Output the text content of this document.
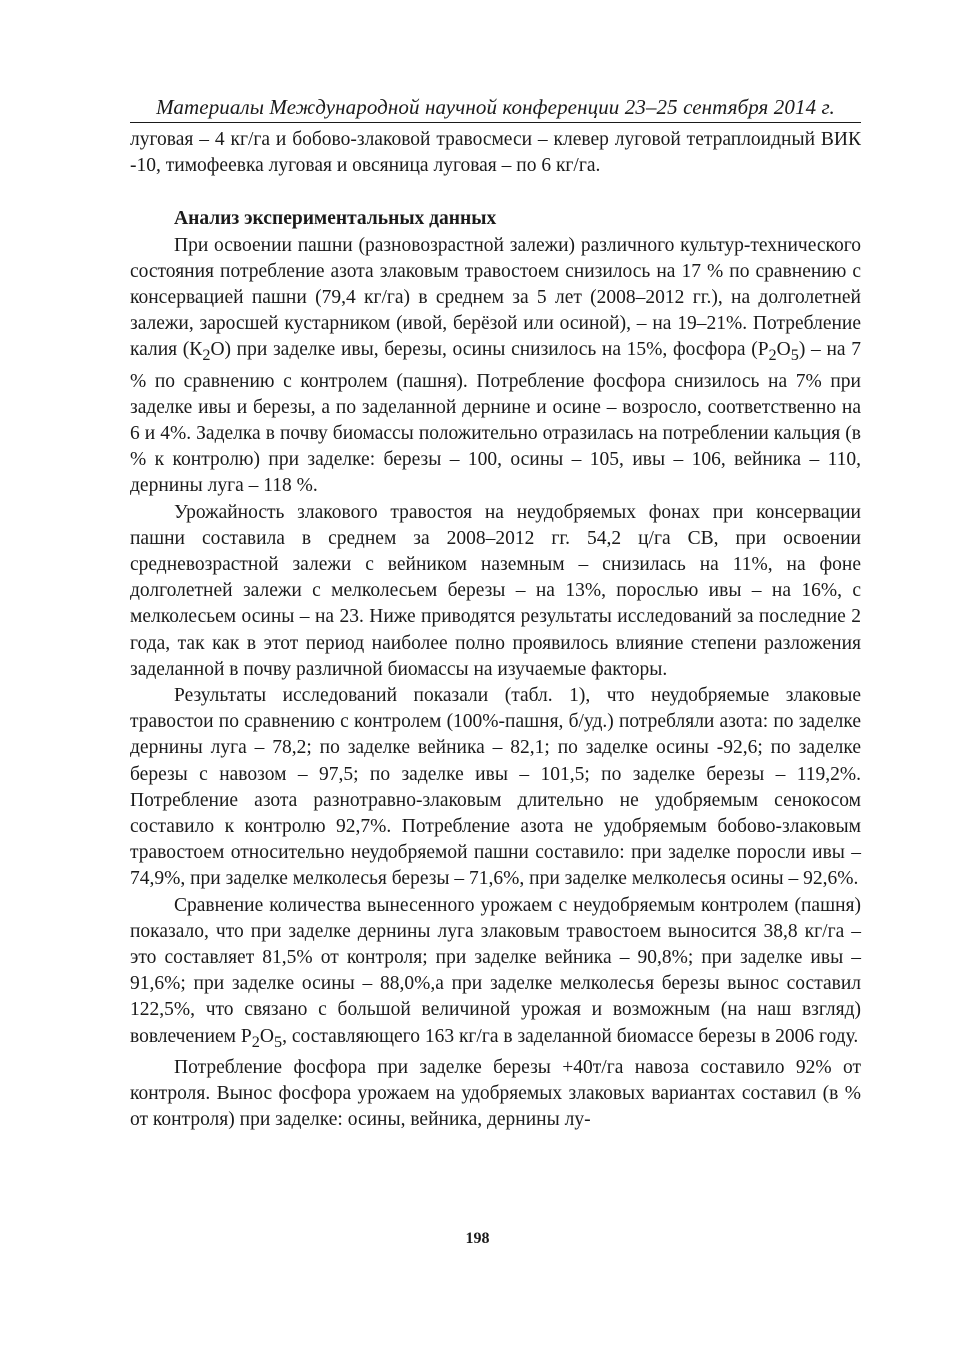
Материалы Международной научной конференции 23–25 сентября 2014 г.

луговая – 4 кг/га и бобово-злаковой травосмеси – клевер луговой тетраплоидный ВИК -10, тимофеевка луговая и овсяница луговая – по 6 кг/га.

Анализ экспериментальных данных

При освоении пашни (разновозрастной залежи) различного культур-технического состояния потребление азота злаковым травостоем снизилось на 17 % по сравнению с консервацией пашни (79,4 кг/га) в среднем за 5 лет (2008–2012 гг.), на долголетней залежи, заросшей кустарником (ивой, берёзой или осиной), – на 19–21%. Потребление калия $(К_2О)$ при заделке ивы, березы, осины снизилось на 15%, фосфора $(Р_2О_5)$ – на 7 % по сравнению с контролем (пашня). Потребление фосфора снизилось на 7% при заделке ивы и березы, а по заделанной дернине и осине – возросло, соответственно на 6 и 4%. Заделка в почву биомассы положительно отразилась на потреблении кальция (в % к контролю) при заделке: березы – 100, осины – 105, ивы – 106, вейника – 110, дернины луга – 118 %.

Урожайность злакового травостоя на неудобряемых фонах при консервации пашни составила в среднем за 2008–2012 гг. 54,2 ц/га СВ, при освоении средневозрастной залежи с вейником наземным – снизилась на 11%, на фоне долголетней залежи с мелколесьем березы – на 13%, порослью ивы – на 16%, с мелколесьем осины – на 23. Ниже приводятся результаты исследований за последние 2 года, так как в этот период наиболее полно проявилось влияние степени разложения заделанной в почву различной биомассы на изучаемые факторы.

Результаты исследований показали (табл. 1), что неудобряемые злаковые травостои по сравнению с контролем (100%-пашня, б/уд.) потребляли азота: по заделке дернины луга – 78,2; по заделке вейника – 82,1; по заделке осины -92,6; по заделке березы с навозом – 97,5; по заделке ивы – 101,5; по заделке березы – 119,2%. Потребление азота разнотравно-злаковым длительно не удобряемым сенокосом составило к контролю 92,7%. Потребление азота не удобряемым бобово-злаковым травостоем относительно неудобряемой пашни составило: при заделке поросли ивы – 74,9%, при заделке мелколесья березы – 71,6%, при заделке мелколесья осины – 92,6%.

Сравнение количества вынесенного урожаем с неудобряемым контролем (пашня) показало, что при заделке дернины луга злаковым травостоем выносится 38,8 кг/га – это составляет 81,5% от контроля; при заделке вейника – 90,8%; при заделке ивы – 91,6%; при заделке осины – 88,0%,а при заделке мелколесья березы вынос составил 122,5%, что связано с большой величиной урожая и возможным (на наш взгляд) вовлечением $Р_2О_5$, составляющего 163 кг/га в заделанной биомассе березы в 2006 году.

Потребление фосфора при заделке березы +40т/га навоза составило 92% от контроля. Вынос фосфора урожаем на удобряемых злаковых вариантах составил (в % от контроля) при заделке: осины, вейника, дернины лу-

198
